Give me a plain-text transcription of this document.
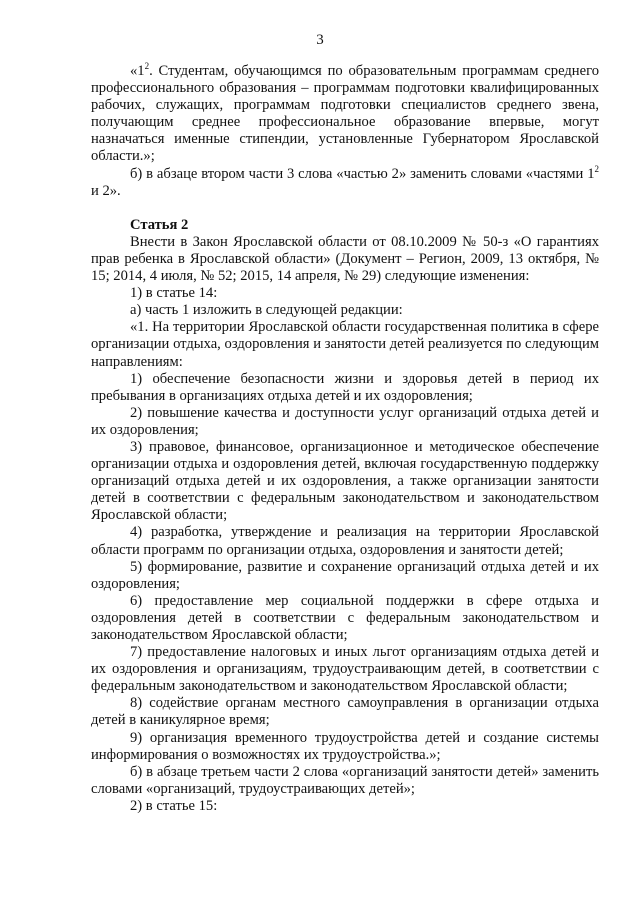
3

«$1^2$. Студентам, обучающимся по образовательным программам среднего профессионального образования – программам подготовки квалифицированных рабочих, служащих, программам подготовки специалистов среднего звена, получающим среднее профессиональное образование впервые, могут назначаться именные стипендии, установленные Губернатором Ярославской области.»;

б) в абзаце втором части 3 слова «частью 2» заменить словами «частями $1^2$ и 2».

Статья 2

Внести в Закон Ярославской области от 08.10.2009 № 50-з «О гарантиях прав ребенка в Ярославской области» (Документ – Регион, 2009, 13 октября, № 15; 2014, 4 июля, № 52; 2015, 14 апреля, № 29) следующие изменения:

1) в статье 14:

а) часть 1 изложить в следующей редакции:

«1. На территории Ярославской области государственная политика в сфере организации отдыха, оздоровления и занятости детей реализуется по следующим направлениям:

1) обеспечение безопасности жизни и здоровья детей в период их пребывания в организациях отдыха детей и их оздоровления;

2) повышение качества и доступности услуг организаций отдыха детей и их оздоровления;

3) правовое, финансовое, организационное и методическое обеспечение организации отдыха и оздоровления детей, включая государственную поддержку организаций отдыха детей и их оздоровления, а также организации занятости детей в соответствии с федеральным законодательством и законодательством Ярославской области;

4) разработка, утверждение и реализация на территории Ярославской области программ по организации отдыха, оздоровления и занятости детей;

5) формирование, развитие и сохранение организаций отдыха детей и их оздоровления;

6) предоставление мер социальной поддержки в сфере отдыха и оздоровления детей в соответствии с федеральным законодательством и законодательством Ярославской области;

7) предоставление налоговых и иных льгот организациям отдыха детей и их оздоровления и организациям, трудоустраивающим детей, в соответствии с федеральным законодательством и законодательством Ярославской области;

8) содействие органам местного самоуправления в организации отдыха детей в каникулярное время;

9) организация временного трудоустройства детей и создание системы информирования о возможностях их трудоустройства.»;

б) в абзаце третьем части 2 слова «организаций занятости детей» заменить словами «организаций, трудоустраивающих детей»;

2) в статье 15:
